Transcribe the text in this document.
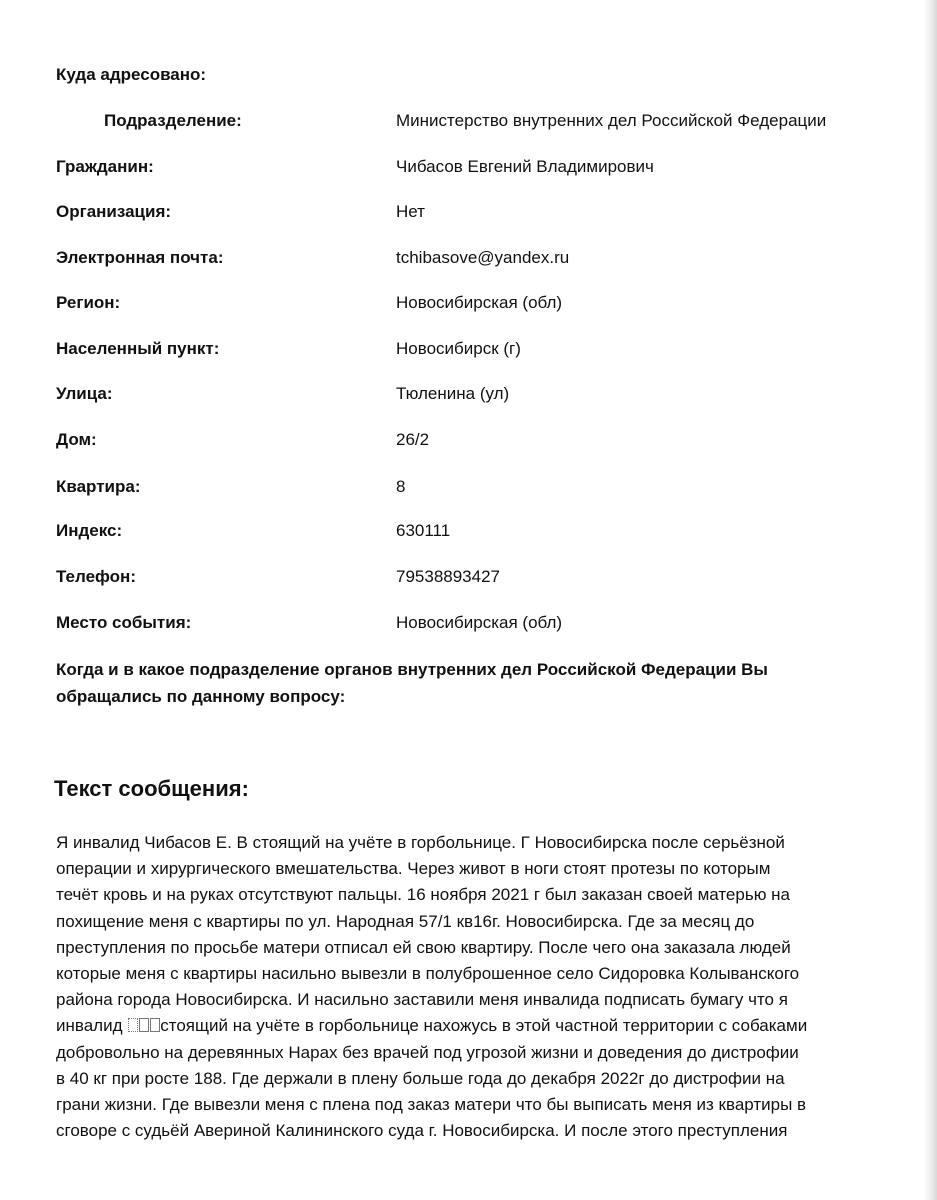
Куда адресовано:
Подразделение:	Министерство внутренних дел Российской Федерации
Гражданин:	Чибасов Евгений Владимирович
Организация:	Нет
Электронная почта:	tchibasove@yandex.ru
Регион:	Новосибирская (обл)
Населенный пункт:	Новосибирск (г)
Улица:	Тюленина (ул)
Дом:	26/2
Квартира:	8
Индекс:	630111
Телефон:	79538893427
Место события:	Новосибирская (обл)
Когда и в какое подразделение органов внутренних дел Российской Федерации Вы обращались по данному вопросу:
Текст сообщения:
Я инвалид Чибасов Е. В стоящий на учёте в горбольнице. Г Новосибирска после серьёзной
операции и хирургического вмешательства. Через живот в ноги стоят протезы по которым
течёт кровь и на руках отсутствуют пальцы. 16 ноября 2021 г был заказан своей матерью на
похищение меня с квартиры по ул. Народная 57/1 кв16г. Новосибирска. Где за месяц до
преступления по просьбе матери отписал ей свою квартиру. После чего она заказала людей
которые меня с квартиры насильно вывезли в полуброшенное село Сидоровка Колыванского
района города Новосибирска. И насильно заставили меня инвалида подписать бумагу что я
инвалид стоящий на учёте в горбольнице нахожусь в этой частной территории с собаками
добровольно на деревянных Нарах без врачей под угрозой жизни и доведения до дистрофии
в 40 кг при росте 188. Где держали в плену больше года до декабря 2022г до дистрофии на
грани жизни. Где вывезли меня с плена под заказ матери что бы выписать меня из квартиры в
сговоре с судьёй Авериной Калининского суда г. Новосибирска. И после этого преступления
